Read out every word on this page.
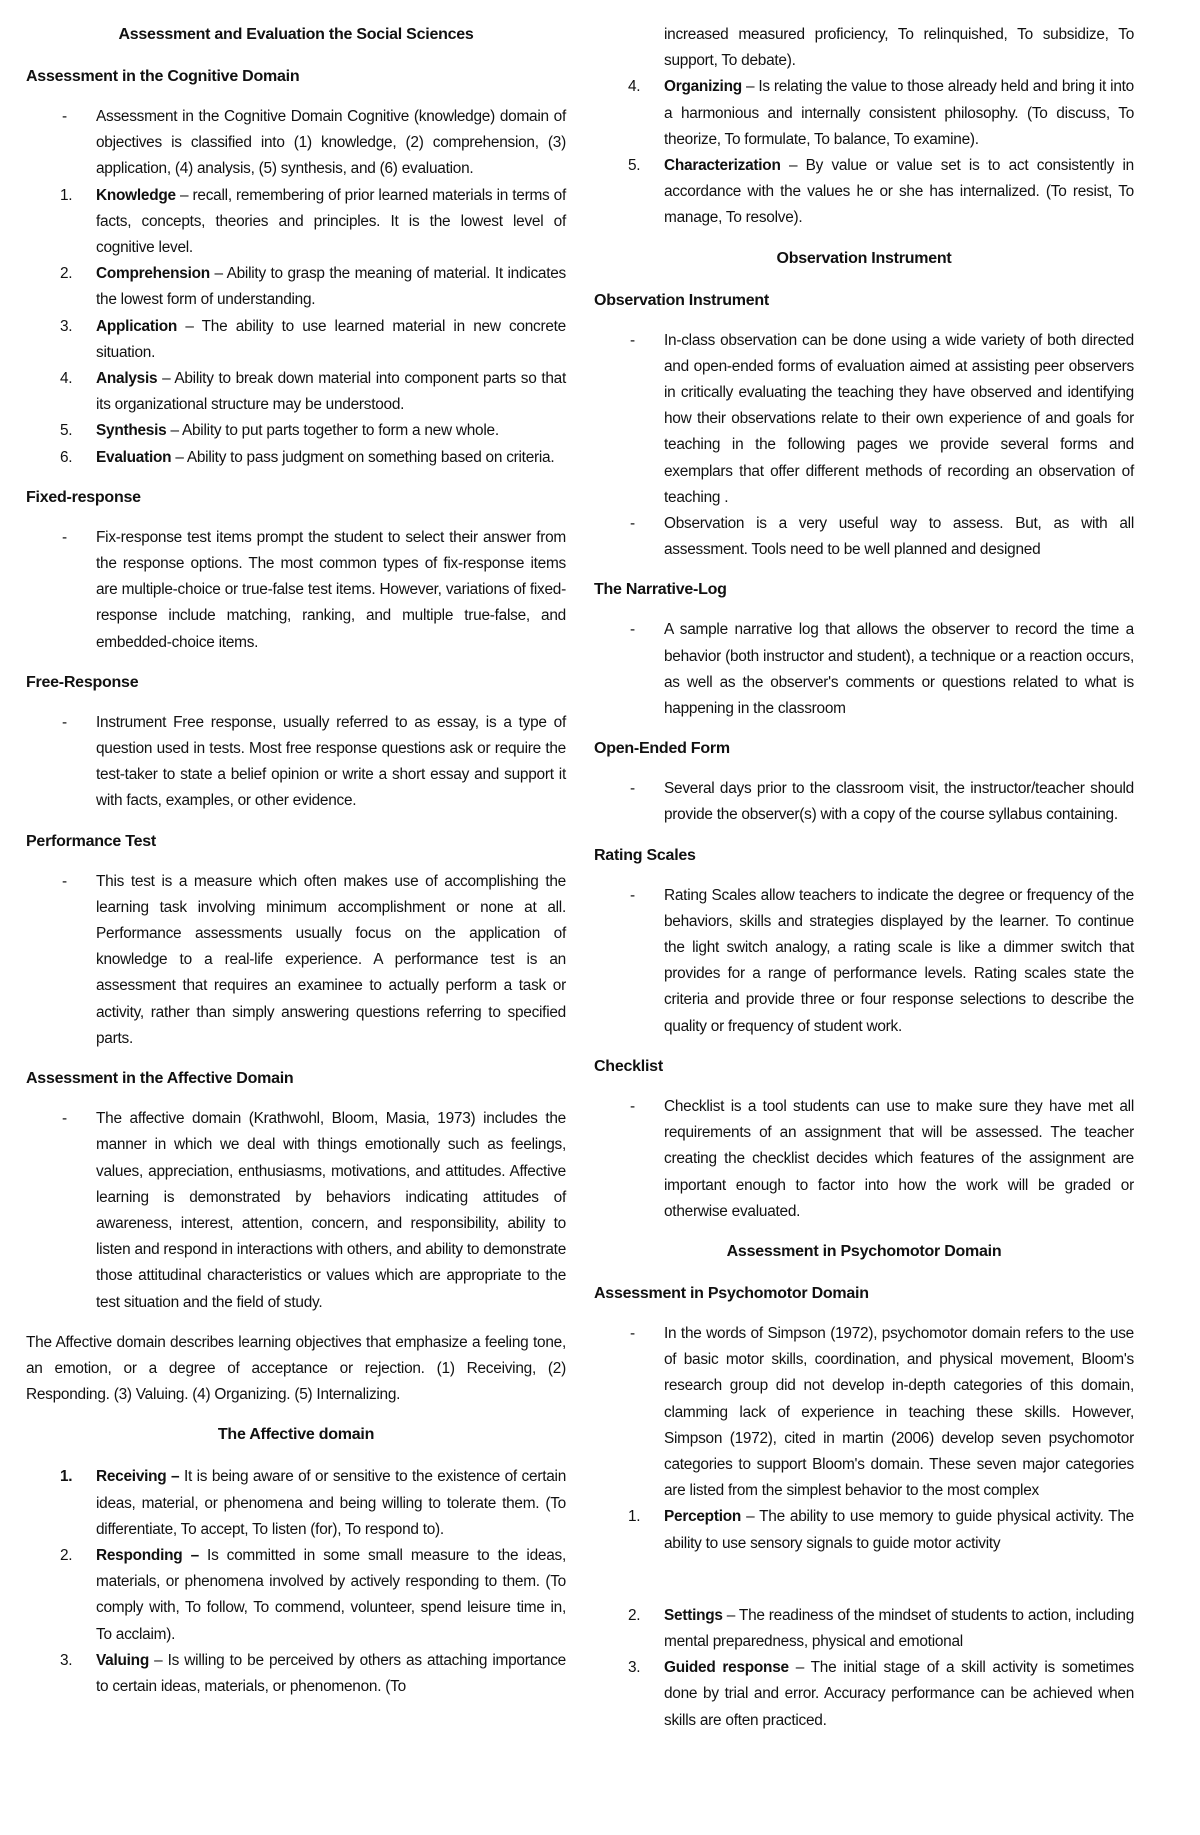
Assessment and Evaluation the Social Sciences
Assessment in the Cognitive Domain
- Assessment in the Cognitive Domain Cognitive (knowledge) domain of objectives is classified into (1) knowledge, (2) comprehension, (3) application, (4) analysis, (5) synthesis, and (6) evaluation.
1. Knowledge – recall, remembering of prior learned materials in terms of facts, concepts, theories and principles. It is the lowest level of cognitive level.
2. Comprehension – Ability to grasp the meaning of material. It indicates the lowest form of understanding.
3. Application – The ability to use learned material in new concrete situation.
4. Analysis – Ability to break down material into component parts so that its organizational structure may be understood.
5. Synthesis – Ability to put parts together to form a new whole.
6. Evaluation – Ability to pass judgment on something based on criteria.
Fixed-response
- Fix-response test items prompt the student to select their answer from the response options. The most common types of fix-response items are multiple-choice or true-false test items. However, variations of fixed-response include matching, ranking, and multiple true-false, and embedded-choice items.
Free-Response
- Instrument Free response, usually referred to as essay, is a type of question used in tests. Most free response questions ask or require the test-taker to state a belief opinion or write a short essay and support it with facts, examples, or other evidence.
Performance Test
- This test is a measure which often makes use of accomplishing the learning task involving minimum accomplishment or none at all. Performance assessments usually focus on the application of knowledge to a real-life experience. A performance test is an assessment that requires an examinee to actually perform a task or activity, rather than simply answering questions referring to specified parts.
Assessment in the Affective Domain
- The affective domain (Krathwohl, Bloom, Masia, 1973) includes the manner in which we deal with things emotionally such as feelings, values, appreciation, enthusiasms, motivations, and attitudes. Affective learning is demonstrated by behaviors indicating attitudes of awareness, interest, attention, concern, and responsibility, ability to listen and respond in interactions with others, and ability to demonstrate those attitudinal characteristics or values which are appropriate to the test situation and the field of study.

The Affective domain describes learning objectives that emphasize a feeling tone, an emotion, or a degree of acceptance or rejection. (1) Receiving, (2) Responding. (3) Valuing. (4) Organizing. (5) Internalizing.

The Affective domain
1. Receiving – It is being aware of or sensitive to the existence of certain ideas, material, or phenomena and being willing to tolerate them. (To differentiate, To accept, To listen (for), To respond to).
2. Responding – Is committed in some small measure to the ideas, materials, or phenomena involved by actively responding to them. (To comply with, To follow, To commend, volunteer, spend leisure time in, To acclaim).
3. Valuing – Is willing to be perceived by others as attaching importance to certain ideas, materials, or phenomenon. (To

increased measured proficiency, To relinquished, To subsidize, To support, To debate).

4. Organizing – Is relating the value to those already held and bring it into a harmonious and internally consistent philosophy. (To discuss, To theorize, To formulate, To balance, To examine).
5. Characterization – By value or value set is to act consistently in accordance with the values he or she has internalized. (To resist, To manage, To resolve).
Observation Instrument
Observation Instrument
- In-class observation can be done using a wide variety of both directed and open-ended forms of evaluation aimed at assisting peer observers in critically evaluating the teaching they have observed and identifying how their observations relate to their own experience of and goals for teaching in the following pages we provide several forms and exemplars that offer different methods of recording an observation of teaching .
- Observation is a very useful way to assess. But, as with all assessment. Tools need to be well planned and designed
The Narrative-Log
- A sample narrative log that allows the observer to record the time a behavior (both instructor and student), a technique or a reaction occurs, as well as the observer's comments or questions related to what is happening in the classroom
Open-Ended Form
- Several days prior to the classroom visit, the instructor/teacher should provide the observer(s) with a copy of the course syllabus containing.
Rating Scales
- Rating Scales allow teachers to indicate the degree or frequency of the behaviors, skills and strategies displayed by the learner. To continue the light switch analogy, a rating scale is like a dimmer switch that provides for a range of performance levels. Rating scales state the criteria and provide three or four response selections to describe the quality or frequency of student work.
Checklist
- Checklist is a tool students can use to make sure they have met all requirements of an assignment that will be assessed. The teacher creating the checklist decides which features of the assignment are important enough to factor into how the work will be graded or otherwise evaluated.
Assessment in Psychomotor Domain
Assessment in Psychomotor Domain
- In the words of Simpson (1972), psychomotor domain refers to the use of basic motor skills, coordination, and physical movement, Bloom's research group did not develop in-depth categories of this domain, clamming lack of experience in teaching these skills. However, Simpson (1972), cited in martin (2006) develop seven psychomotor categories to support Bloom's domain. These seven major categories are listed from the simplest behavior to the most complex
1. Perception – The ability to use memory to guide physical activity. The ability to use sensory signals to guide motor activity
2. Settings – The readiness of the mindset of students to action, including mental preparedness, physical and emotional
3. Guided response – The initial stage of a skill activity is sometimes done by trial and error. Accuracy performance can be achieved when skills are often practiced.
